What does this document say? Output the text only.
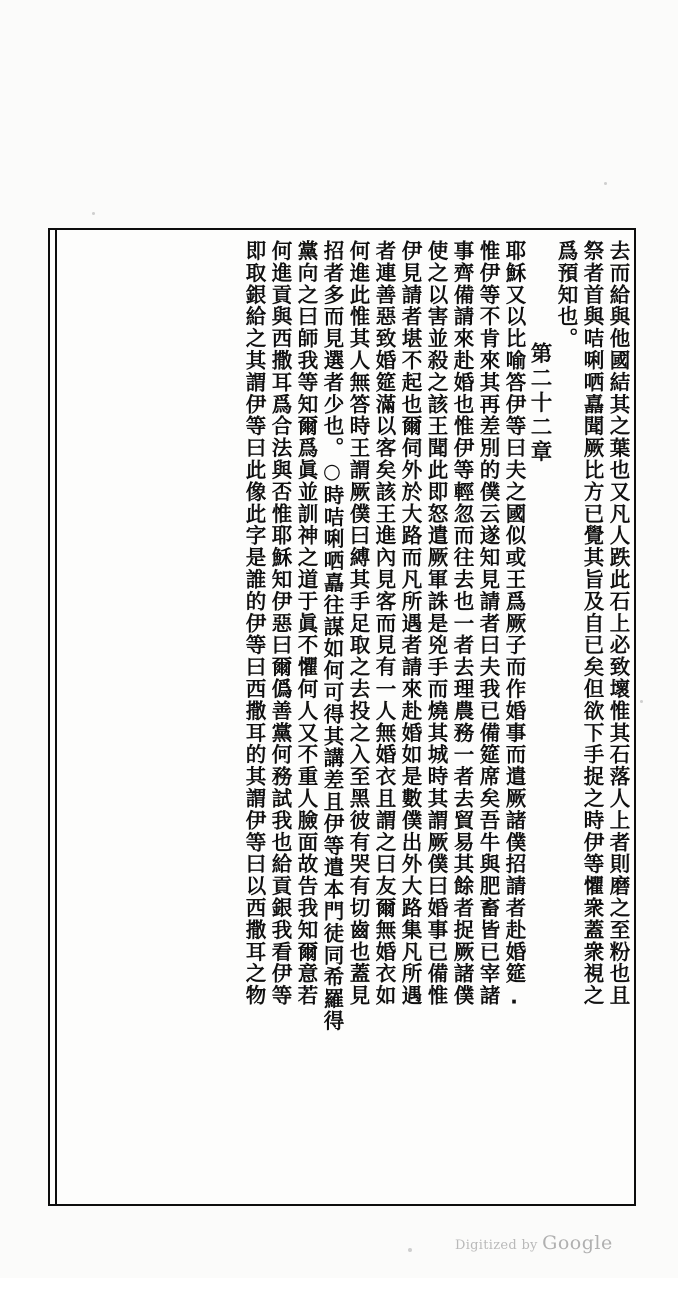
去而給與他國結其之葉也又凡人跌此石上必致壞惟其石落人上者則磨之至粉也且
祭者首與咭唎哂嚞聞厥比方已覺其旨及自已矣但欲下手捉之時伊等懼衆蓋衆視之
爲預知也。
第二十二章
耶穌又以比喻答伊等曰夫之國似或王爲厥子而作婚事而遣厥諸僕招請者赴婚筵.
惟伊等不肯來其再差別的僕云遂知見請者曰夫我已備筵席矣吾牛與肥畜皆已宰諸
事齊備請來赴婚也惟伊等輕忽而往去也一者去理農務一者去貿易其餘者捉厥諸僕
使之以害並殺之該王聞此即怒遣厥軍誅是兇手而燒其城時其謂厥僕曰婚事已備惟
伊見請者堪不起也爾伺外於大路而凡所遇者請來赴婚如是數僕出外大路集凡所遇
者連善惡致婚筵滿以客矣該王進內見客而見有一人無婚衣且謂之曰友爾無婚衣如
何進此惟其人無答時王謂厥僕曰縛其手足取之去投之入至黑彼有哭有切齒也蓋見
招者多而見選者少也。○時咭唎哂嚞往謀如何可得其講差且伊等遣本門徒同希羅得
黨向之曰師我等知爾爲眞並訓神之道于眞不懼何人又不重人臉面故告我知爾意若
何進貢與西撒耳爲合法與否惟耶穌知伊惡曰爾僞善黨何務試我也給貢銀我看伊等
即取銀給之其謂伊等曰此像此字是誰的伊等曰西撒耳的其謂伊等曰以西撒耳之物
Digitized by Google
